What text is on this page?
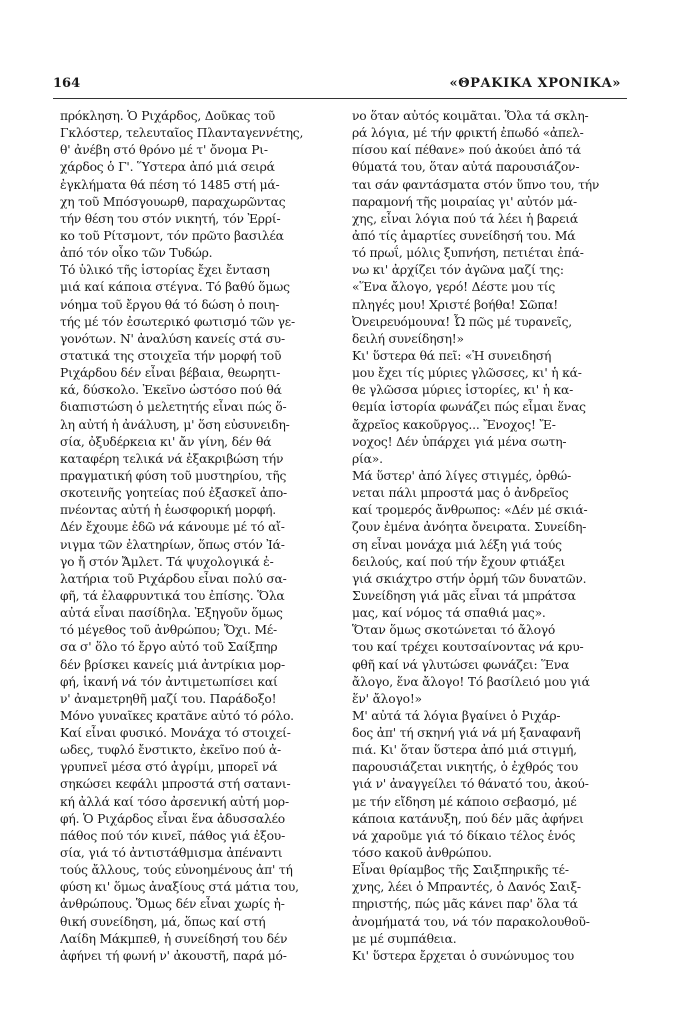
164	«ΘΡΑΚΙΚΑ ΧΡΟΝΙΚΑ»
πρόκληση. Ὁ Ριχάρδος, Δοῦκας τοῦ
Γκλόστερ, τελευταῖος Πλανταγεννέτης,
θ' ἀνέβη στό θρόνο μέ τ' ὄνομα Ρι-
χάρδος ὁ Γ'. Ὕστερα ἀπό μιά σειρά
ἐγκλήματα θά πέση τό 1485 στή μά-
χη τοῦ Μπόσγουωρθ, παραχωρῶντας
τήν θέση του στόν νικητή, τόν Ἐρρί-
κο τοῦ Ρίτσμοντ, τόν πρῶτο βασιλέα
ἀπό τόν οἶκο τῶν Τυδώρ.
Τό ὑλικό τῆς ἱστορίας ἔχει ἔνταση
μιά καί κάποια στέγνα. Τό βαθύ ὅμως
νόημα τοῦ ἔργου θά τό δώση ὁ ποιη-
τής μέ τόν ἐσωτερικό φωτισμό τῶν γε-
γονότων. Ν' ἀναλύση κανείς στά συ-
στατικά της στοιχεῖα τήν μορφή τοῦ
Ριχάρδου δέν εἶναι βέβαια, θεωρητι-
κά, δύσκολο. Ἐκεῖνο ὡστόσο πού θά
διαπιστώση ὁ μελετητής εἶναι πώς ὅ-
λη αὐτή ἡ ἀνάλυση, μ' ὅση εὐσυνειδη-
σία, ὀξυδέρκεια κι' ἄν γίνη, δέν θά
καταφέρη τελικά νά ἐξακριβώση τήν
πραγματική φύση τοῦ μυστηρίου, τῆς
σκοτεινῆς γοητείας πού ἐξασκεῖ ἀπο-
πνέοντας αὐτή ἡ ἑωσφορική μορφή.
Δέν ἔχουμε ἐδῶ νά κάνουμε μέ τό αἴ-
νιγμα τῶν ἐλατηρίων, ὅπως στόν Ἰά-
γο ἤ στόν Ἄμλετ. Τά ψυχολογικά ἐ-
λατήρια τοῦ Ριχάρδου εἶναι πολύ σα-
φῆ, τά ἐλαφρυντικά του ἐπίσης. Ὅλα
αὐτά εἶναι πασίδηλα. Ἐξηγοῦν ὅμως
τό μέγεθος τοῦ ἀνθρώπου; Ὄχι. Μέ-
σα σ' ὅλο τό ἔργο αὐτό τοῦ Σαίξπηρ
δέν βρίσκει κανείς μιά ἀντρίκια μορ-
φή, ἱκανή νά τόν ἀντιμετωπίσει καί
ν' ἀναμετρηθῆ μαζί του. Παράδοξο!
Μόνο γυναῖκες κρατᾶνε αὐτό τό ρόλο.
Καί εἶναι φυσικό. Μονάχα τό στοιχεί-
ωδες, τυφλό ἔνστικτο, ἐκεῖνο πού ἀ-
γρυπνεῖ μέσα στό ἀγρίμι, μπορεῖ νά
σηκώσει κεφάλι μπροστά στή σατανι-
κή ἀλλά καί τόσο ἀρσενική αὐτή μορ-
φή. Ὁ Ριχάρδος εἶναι ἕνα ἀδυσσαλέο
πάθος πού τόν κινεῖ, πάθος γιά ἐξου-
σία, γιά τό ἀντιστάθμισμα ἀπέναντι
τούς ἄλλους, τούς εὐνοημένους ἀπ' τή
φύση κι' ὅμως ἀναξίους στά μάτια του,
ἀνθρώπους. Ὅμως δέν εἶναι χωρίς ἠ-
θική συνείδηση, μά, ὅπως καί στή
Λαίδη Μάκμπεθ, ἡ συνείδησή του δέν
ἀφήνει τή φωνή ν' ἀκουστῆ, παρά μό-
νο ὅταν αὐτός κοιμᾶται. Ὅλα τά σκλη-
ρά λόγια, μέ τήν φρικτή ἐπωδό «ἀπελ-
πίσου καί πέθανε» πού ἀκούει ἀπό τά
θύματά του, ὅταν αὐτά παρουσιάζον-
ται σάν φαντάσματα στόν ὕπνο του, τήν
παραμονή τῆς μοιραίας γι' αὐτόν μά-
χης, εἶναι λόγια πού τά λέει ἡ βαρειά
ἀπό τίς ἁμαρτίες συνείδησή του. Μά
τό πρωΐ, μόλις ξυπνήση, πετιέται ἐπά-
νω κι' ἀρχίζει τόν ἀγῶνα μαζί της:
«Ἕνα ἄλογο, γερό! Δέστε μου τίς
πληγές μου! Χριστέ βοήθα! Σῶπα!
Ὀνειρευόμουνα! Ὦ πῶς μέ τυρανεῖς,
δειλή συνείδηση!»
Κι' ὕστερα θά πεῖ: «Ἡ συνειδησή
μου ἔχει τίς μύριες γλῶσσες, κι' ἡ κά-
θε γλῶσσα μύριες ἱστορίες, κι' ἡ κα-
θεμία ἱστορία φωνάζει πώς εἶμαι ἕνας
ἄχρεῖος κακοῦργος... Ἔνοχος! Ἔ-
νοχος! Δέν ὑπάρχει γιά μένα σωτη-
ρία».
Μά ὕστερ' ἀπό λίγες στιγμές, ὀρθώ-
νεται πάλι μπροστά μας ὁ ἀνδρεῖος
καί τρομερός ἄνθρωπος: «Δέν μέ σκιά-
ζουν ἐμένα ἀνόητα ὄνειρατα. Συνείδη-
ση εἶναι μονάχα μιά λέξη γιά τούς
δειλούς, καί πού τήν ἔχουν φτιάξει
γιά σκιάχτρο στήν ὁρμή τῶν δυνατῶν.
Συνείδηση γιά μᾶς εἶναι τά μπράτσα
μας, καί νόμος τά σπαθιά μας».
Ὅταν ὅμως σκοτώνεται τό ἄλογό
του καί τρέχει κουτσαίνοντας νά κρυ-
φθῆ καί νά γλυτώσει φωνάζει: Ἕνα
ἄλογο, ἕνα ἄλογο! Τό βασίλειό μου γιά
ἕν' ἄλογο!»
Μ' αὐτά τά λόγια βγαίνει ὁ Ριχάρ-
δος ἀπ' τή σκηνή γιά νά μή ξαναφανῆ
πιά. Κι' ὅταν ὕστερα ἀπό μιά στιγμή,
παρουσιάζεται νικητής, ὁ ἐχθρός του
γιά ν' ἀναγγείλει τό θάνατό του, ἀκού-
με τήν εἴδηση μέ κάποιο σεβασμό, μέ
κάποια κατάνυξη, πού δέν μᾶς ἀφήνει
νά χαροῦμε γιά τό δίκαιο τέλος ἑνός
τόσο κακοῦ ἀνθρώπου.
Εἶναι θρίαμβος τῆς Σαιξπηρικῆς τέ-
χνης, λέει ὁ Μπραντές, ὁ Δανός Σαιξ-
πηριστής, πώς μᾶς κάνει παρ' ὅλα τά
ἀνομήματά του, νά τόν παρακολουθοῦ-
με μέ συμπάθεια.
Κι' ὕστερα ἔρχεται ὁ συνώνυμος του
